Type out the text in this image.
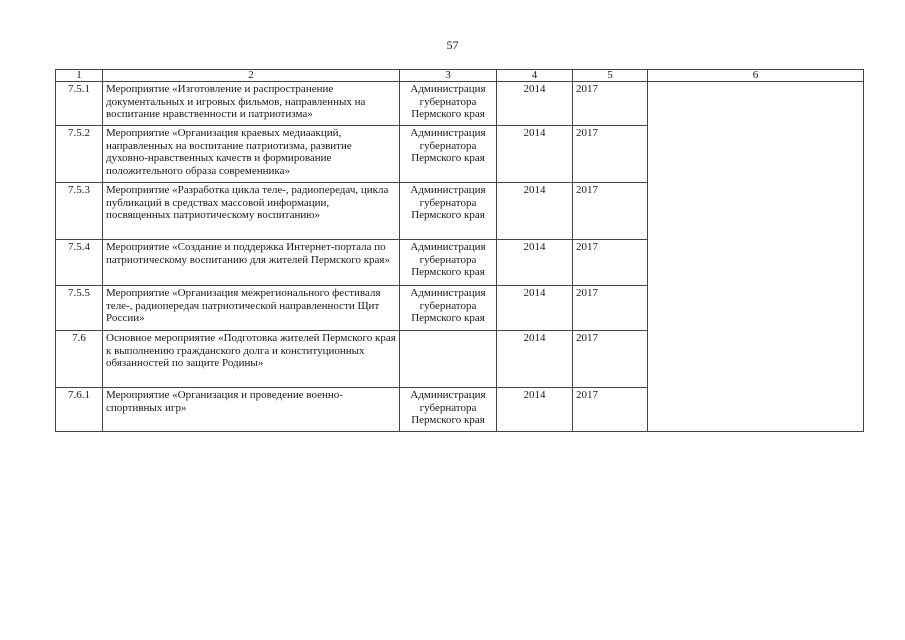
57
1	2	3	4	5	6
7.5.1	Мероприятие «Изготовление и распространение документальных и игровых фильмов, направленных на воспитание нравственности и патриотизма»	Администрация губернатора Пермского края	2014	2017	
7.5.2	Мероприятие «Организация краевых медиаакций, направленных на воспитание патриотизма, развитие духовно-нравственных качеств и формирование положительного образа современника»	Администрация губернатора Пермского края	2014	2017	
7.5.3	Мероприятие «Разработка цикла теле-, радиопередач, цикла публикаций в средствах массовой информации, посвященных патриотическому воспитанию»	Администрация губернатора Пермского края	2014	2017	
7.5.4	Мероприятие «Создание и поддержка Интернет-портала по патриотическому воспитанию для жителей Пермского края»	Администрация губернатора Пермского края	2014	2017	
7.5.5	Мероприятие «Организация межрегионального фестиваля теле-, радиопередач патриотической направленности Щит России»	Администрация губернатора Пермского края	2014	2017	
7.6	Основное мероприятие «Подготовка жителей Пермского края к выполнению гражданского долга и конституционных обязанностей по защите Родины»		2014	2017	
7.6.1	Мероприятие «Организация и проведение военно-спортивных игр»	Администрация губернатора Пермского края	2014	2017	
